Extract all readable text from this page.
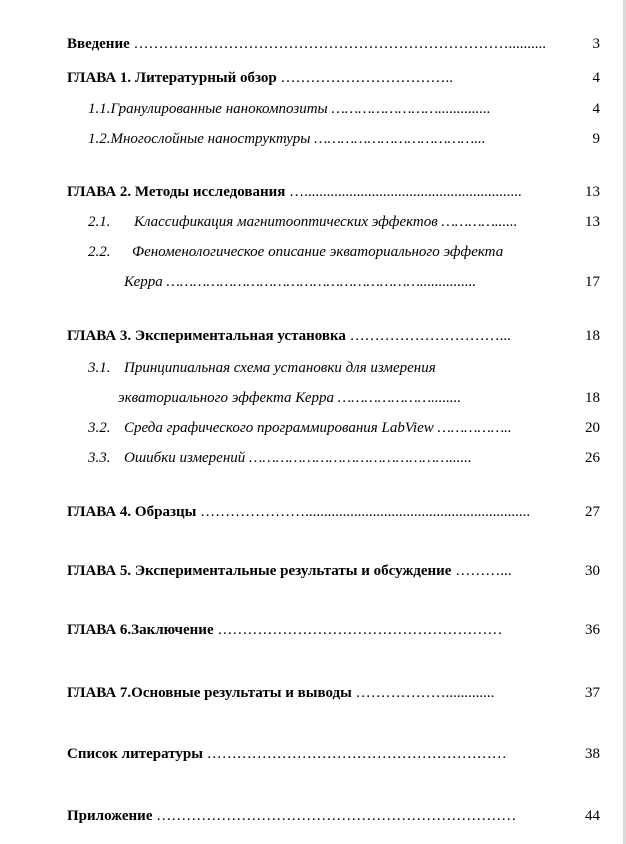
Введение …………………………………………………………………..........	3
ГЛАВА 1. Литературный обзор ……………………………..	4
1.1.Гранулированные нанокомпозиты ……………………..............	4
1.2.Многослойные наноструктуры ………………………………...	9
ГЛАВА 2. Методы исследования …..........................................................	13
2.1. Классификация магнитооптических эффектов …………......	13
2.2. Феноменологическое описание экваториального эффекта
Керра …………………………………………………...............	17
ГЛАВА 3. Экспериментальная установка …………………………...	18
3.1. Принципиальная схема установки для измерения
экваториального эффекта Керра …………………........	18
3.2. Среда графического программирования LabView ……………..	20
3.3. Ошибки измерений ………………………………………......	26
ГЛАВА 4. Образцы …………………............................................................	27
ГЛАВА 5. Экспериментальные результаты и обсуждение ………...	30
ГЛАВА 6.Заключение …………………………………………………	36
ГЛАВА 7.Основные результаты и выводы ……………….............	37
Список литературы ……………………………………………………	38
Приложение ………………………………………………………………	44
